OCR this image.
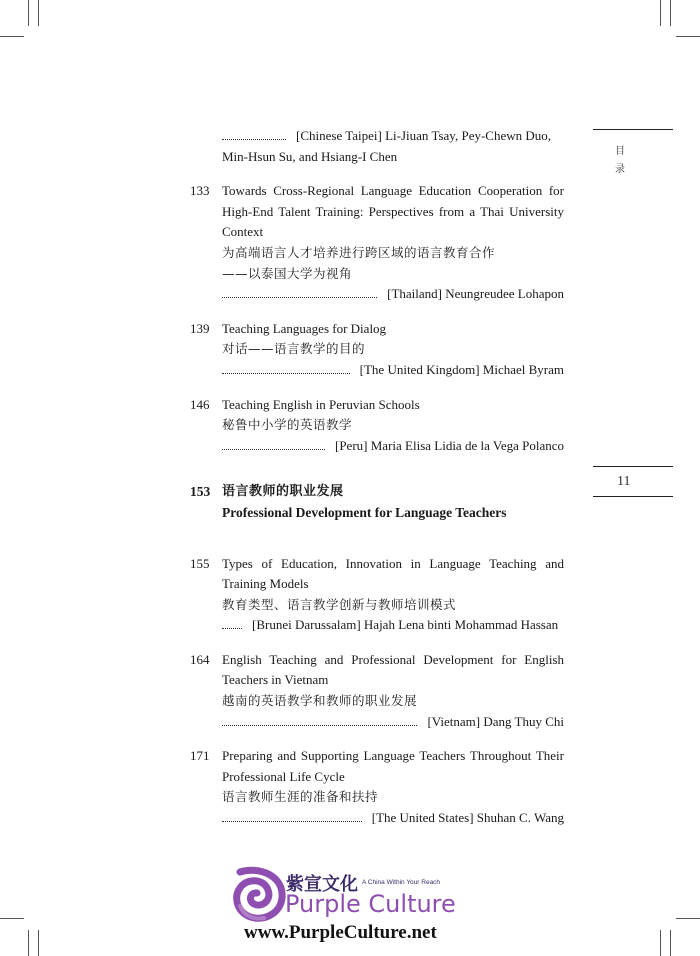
目
录
11
[Chinese Taipei] Li-Jiuan Tsay, Pey-Chewn Duo,
Min-Hsun Su, and Hsiang-I Chen
133 Towards Cross-Regional Language Education Cooperation for High-End Talent Training: Perspectives from a Thai University Context
为高端语言人才培养进行跨区域的语言教育合作
——以泰国大学为视角
[Thailand] Neungreudee Lohapon
139 Teaching Languages for Dialog
对话——语言教学的目的
[The United Kingdom] Michael Byram
146 Teaching English in Peruvian Schools
秘鲁中小学的英语教学
[Peru] Maria Elisa Lidia de la Vega Polanco
153 语言教师的职业发展
Professional Development for Language Teachers
155 Types of Education, Innovation in Language Teaching and Training Models
教育类型、语言教学创新与教师培训模式
[Brunei Darussalam] Hajah Lena binti Mohammad Hassan
164 English Teaching and Professional Development for English Teachers in Vietnam
越南的英语教学和教师的职业发展
[Vietnam] Dang Thuy Chi
171 Preparing and Supporting Language Teachers Throughout Their Professional Life Cycle
语言教师生涯的准备和扶持
[The United States] Shuhan C. Wang
紫宣文化 A China Within Your Reach
Purple Culture
www.PurpleCulture.net
